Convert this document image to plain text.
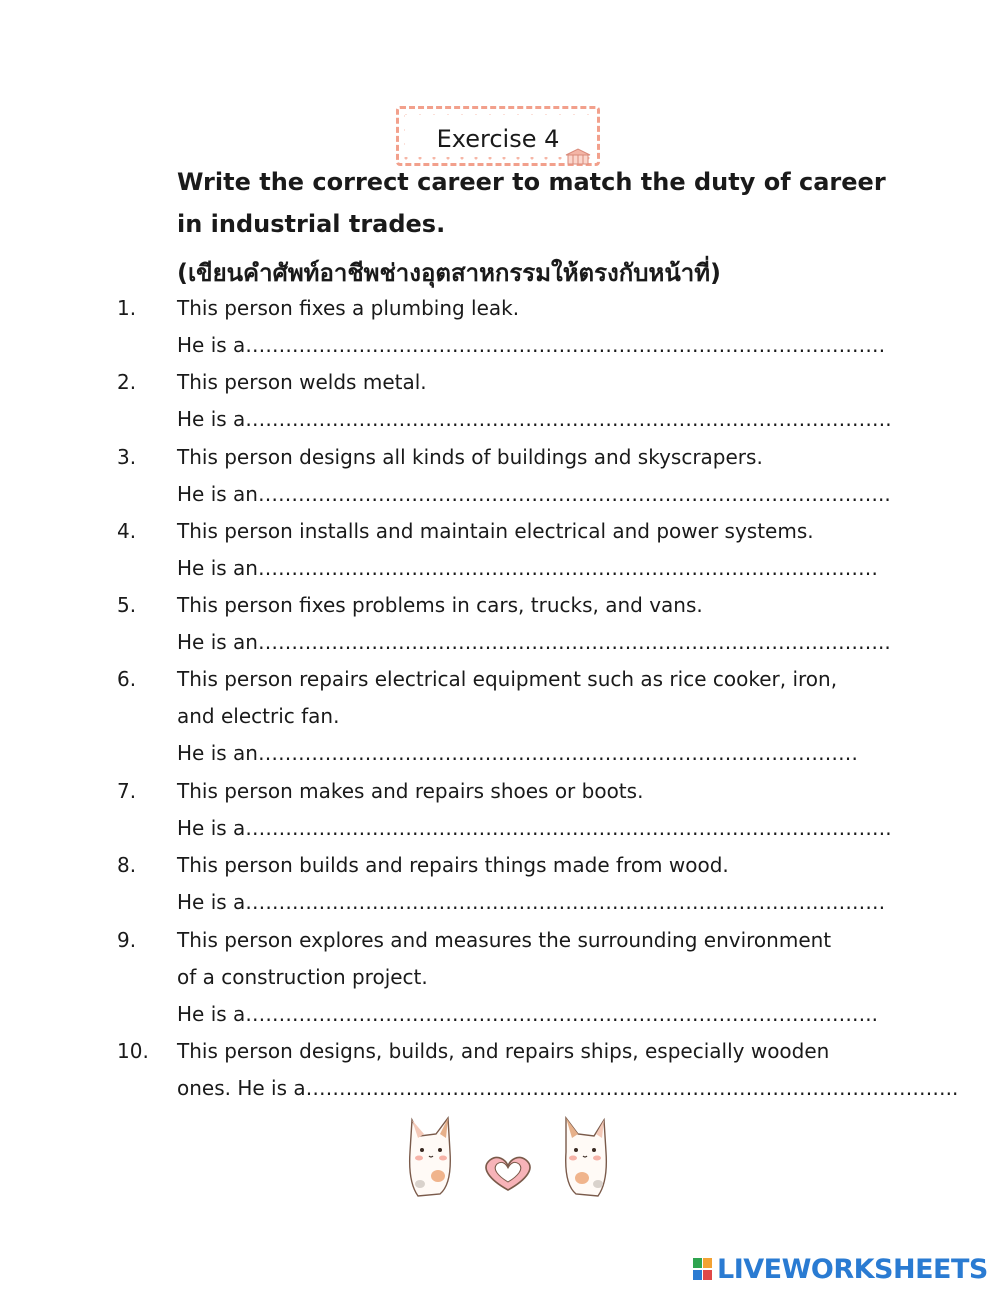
Exercise 4
Write the correct career to match the duty of career
in industrial trades.
(เขียนคำศัพท์อาชีพช่างอุตสาหกรรมให้ตรงกับหน้าที่)
1. This person fixes a plumbing leak.
He is a……………………………………………………………………………………
2. This person welds metal.
He is a…………………………………………………………………………………….
3. This person designs all kinds of buildings and skyscrapers.
He is an…………………………………………………………………………………..
4. This person installs and maintain electrical and power systems.
He is an…………………………………………………………………………………
5. This person fixes problems in cars, trucks, and vans.
He is an…………………………………………………………………………………..
6. This person repairs electrical equipment such as rice cooker, iron,
and electric fan.
He is an………………………………………………………………………………
7. This person makes and repairs shoes or boots.
He is a…………………………………………………………………………………….
8. This person builds and repairs things made from wood.
He is a……………………………………………………………………………………
9. This person explores and measures the surrounding environment
of a construction project.
He is a…………………………………………………………………………………..
10. This person designs, builds, and repairs ships, especially wooden
ones. He is a……………………………………………………………………………………..
LIVEWORKSHEETS
